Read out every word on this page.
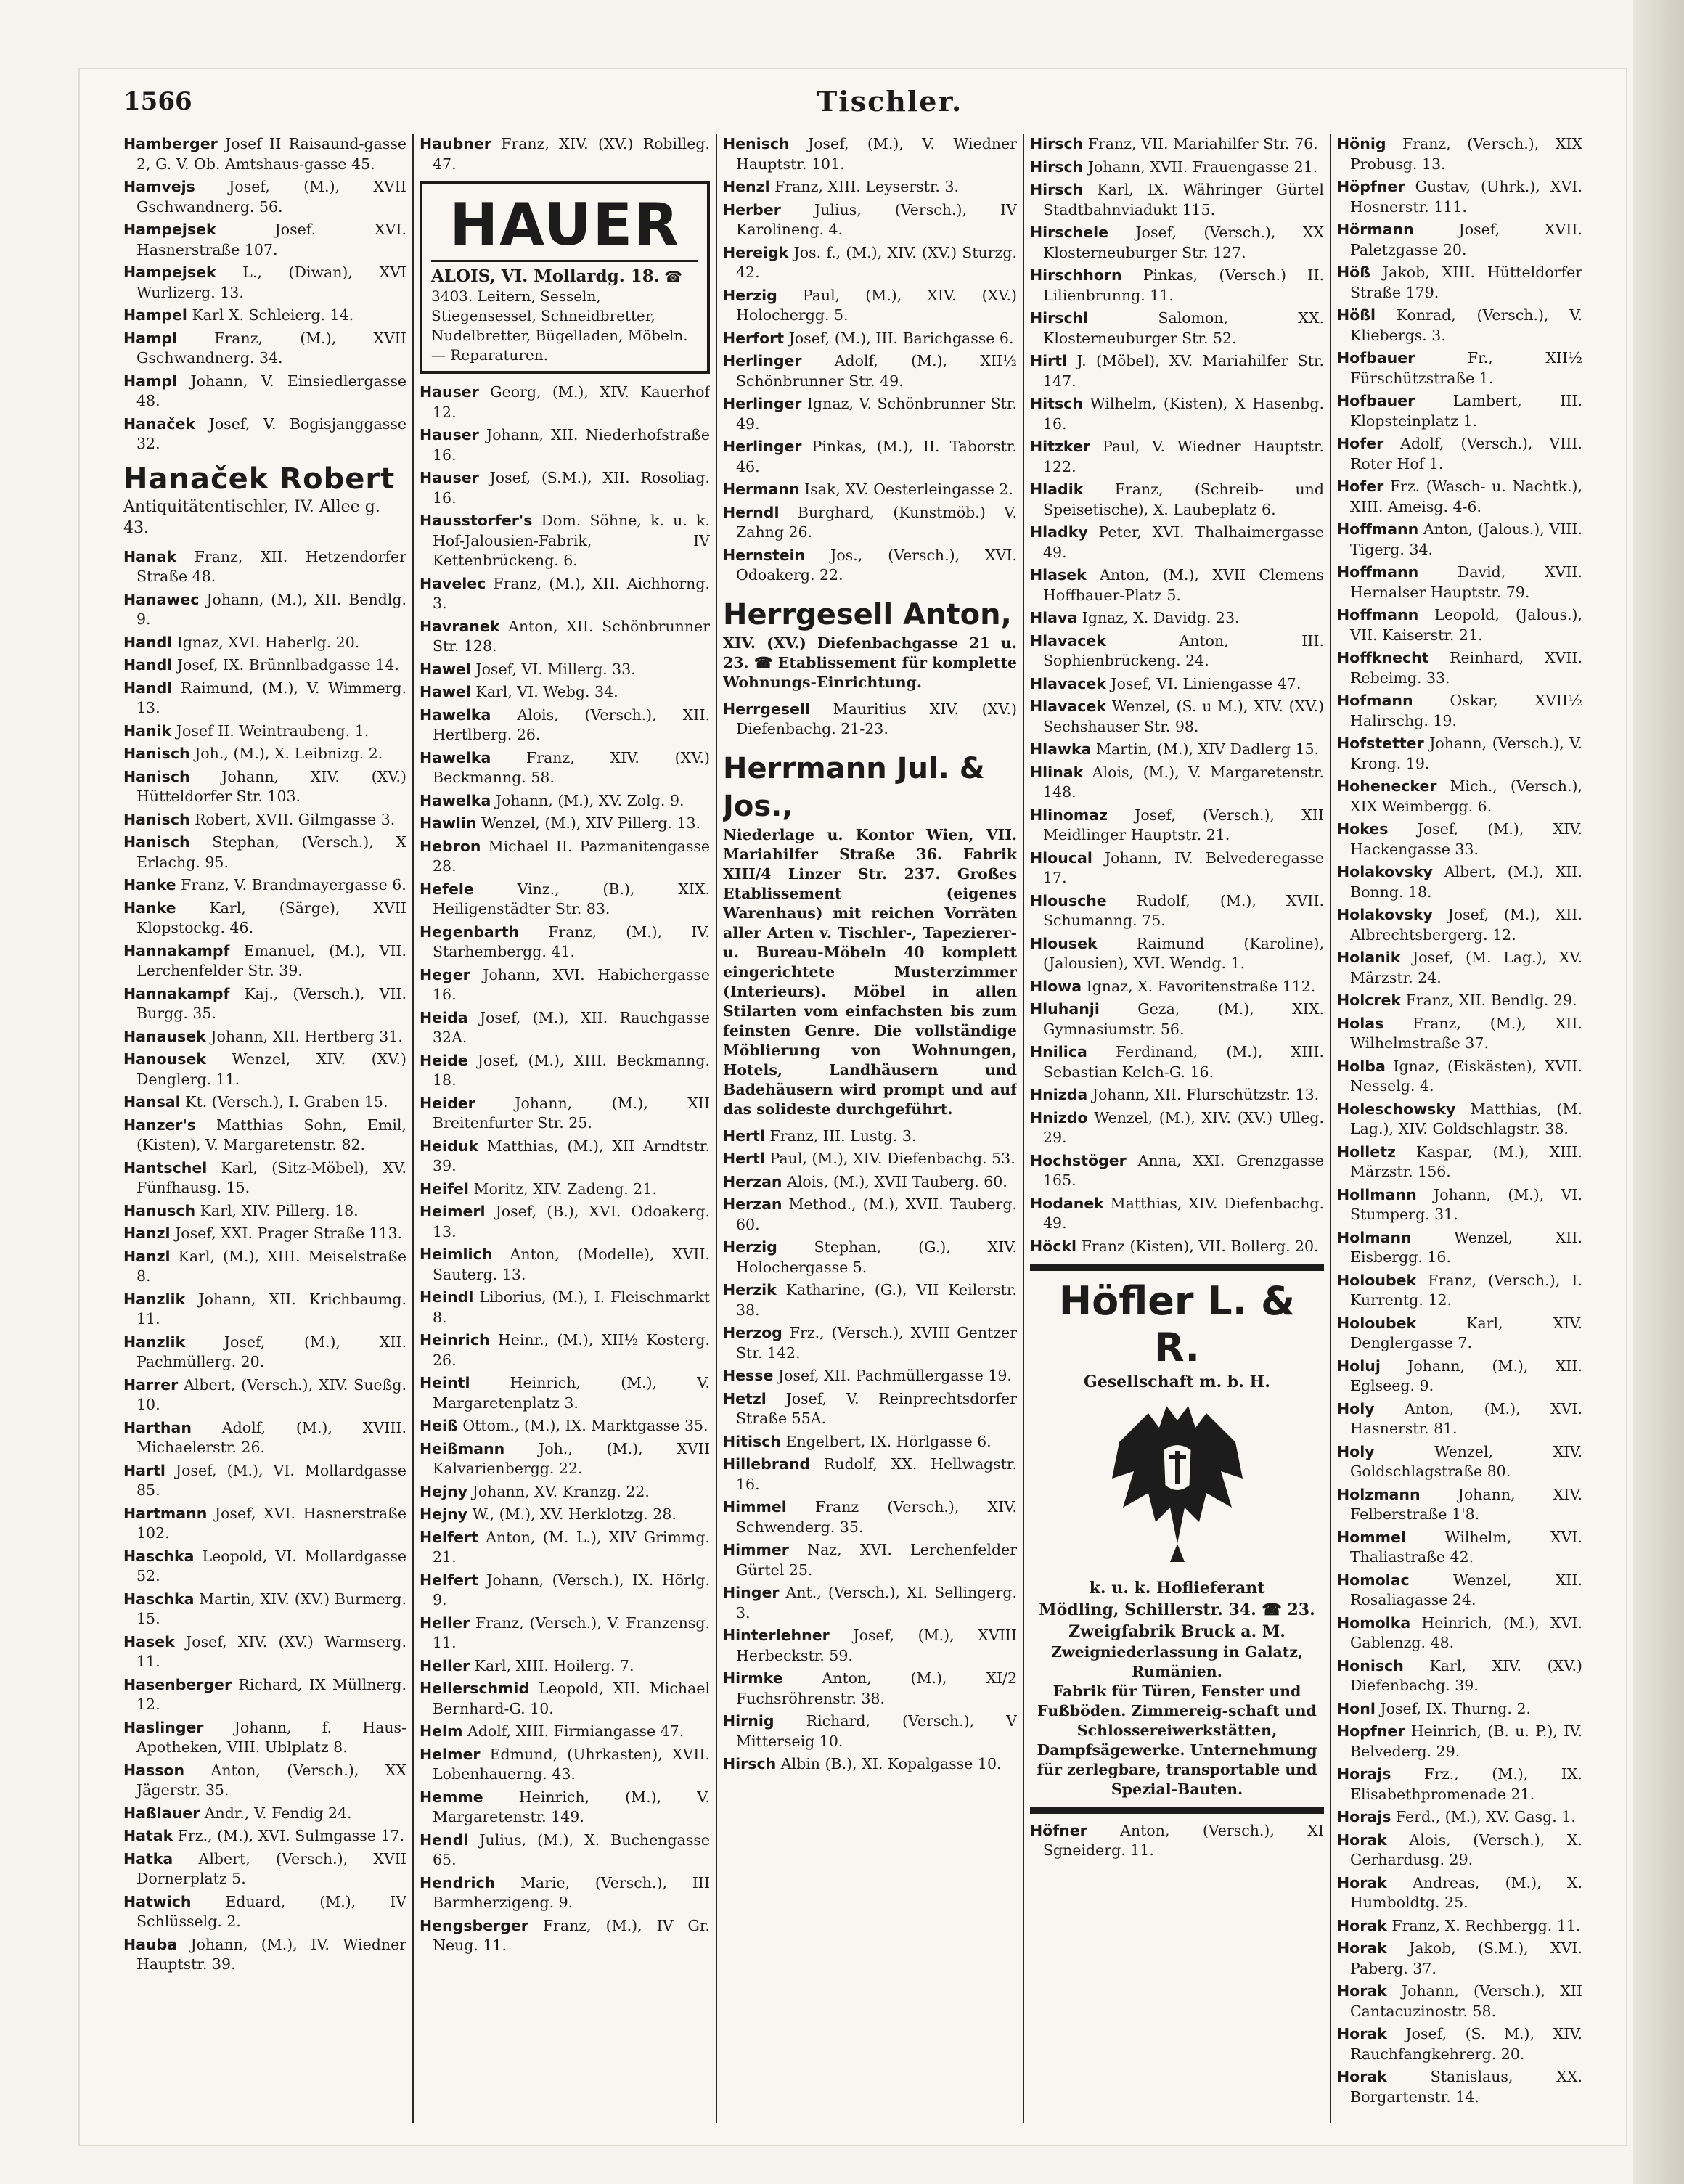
1566	Tischler.
Hamberger Josef II Raisaund-gasse 2, G. V. Ob. Amtshaus-gasse 45.
Hamvejs Josef, (M.), XVII Gschwandnerg. 56.
Hampejsek Josef. XVI. Hasnerstraße 107.
Hampejsek L., (Diwan), XVI Wurlizerg. 13.
Hampel Karl X. Schleierg. 14.
Hampl Franz, (M.), XVII Gschwandnerg. 34.
Hampl Johann, V. Einsiedlergasse 48.
Hanaček Josef, V. Bogisjanggasse 32.
Hanaček Robert
Antiquitätentischler, IV. Allee g. 43.
Hanak Franz, XII. Hetzendorfer Straße 48.
Hanawec Johann, (M.), XII. Bendlg. 9.
Handl Ignaz, XVI. Haberlg. 20.
Handl Josef, IX. Brünnlbadgasse 14.
Handl Raimund, (M.), V. Wimmerg. 13.
Hanik Josef II. Weintraubeng. 1.
Hanisch Joh., (M.), X. Leibnizg. 2.
Hanisch Johann, XIV. (XV.) Hütteldorfer Str. 103.
Hanisch Robert, XVII. Gilmgasse 3.
Hanisch Stephan, (Versch.), X Erlachg. 95.
Hanke Franz, V. Brandmayergasse 6.
Hanke Karl, (Särge), XVII Klopstockg. 46.
Hannakampf Emanuel, (M.), VII. Lerchenfelder Str. 39.
Hannakampf Kaj., (Versch.), VII. Burgg. 35.
Hanausek Johann, XII. Hertberg 31.
Hanousek Wenzel, XIV. (XV.) Denglerg. 11.
Hansal Kt. (Versch.), I. Graben 15.
Hanzer's Matthias Sohn, Emil, (Kisten), V. Margaretenstr. 82.
Hantschel Karl, (Sitz-Möbel), XV. Fünfhausg. 15.
Hanusch Karl, XIV. Pillerg. 18.
Hanzl Josef, XXI. Prager Straße 113.
Hanzl Karl, (M.), XIII. Meiselstraße 8.
Hanzlik Johann, XII. Krichbaumg. 11.
Hanzlik Josef, (M.), XII. Pachmüllerg. 20.
Harrer Albert, (Versch.), XIV. Sueßg. 10.
Harthan Adolf, (M.), XVIII. Michaelerstr. 26.
Hartl Josef, (M.), VI. Mollardgasse 85.
Hartmann Josef, XVI. Hasnerstraße 102.
Haschka Leopold, VI. Mollardgasse 52.
Haschka Martin, XIV. (XV.) Burmerg. 15.
Hasek Josef, XIV. (XV.) Warmserg. 11.
Hasenberger Richard, IX Müllnerg. 12.
Haslinger Johann, f. Haus-Apotheken, VIII. Ublplatz 8.
Hasson Anton, (Versch.), XX Jägerstr. 35.
Haßlauer Andr., V. Fendig 24.
Hatak Frz., (M.), XVI. Sulmgasse 17.
Hatka Albert, (Versch.), XVII Dornerplatz 5.
Hatwich Eduard, (M.), IV Schlüsselg. 2.
Hauba Johann, (M.), IV. Wiedner Hauptstr. 39.
Haubner Franz, XIV. (XV.) Robilleg. 47.
HAUER
ALOIS, VI. Mollardg. 18. ☎ 3403. Leitern, Sesseln, Stiegensessel, Schneidbretter, Nudelbretter, Bügelladen, Möbeln. — Reparaturen.
Hauser Georg, (M.), XIV. Kauerhof 12.
Hauser Johann, XII. Niederhofstraße 16.
Hauser Josef, (S.M.), XII. Rosoliag. 16.
Hausstorfer's Dom. Söhne, k. u. k. Hof-Jalousien-Fabrik, IV Kettenbrückeng. 6.
Havelec Franz, (M.), XII. Aichhorng. 3.
Havranek Anton, XII. Schönbrunner Str. 128.
Hawel Josef, VI. Millerg. 33.
Hawel Karl, VI. Webg. 34.
Hawelka Alois, (Versch.), XII. Hertlberg. 26.
Hawelka Franz, XIV. (XV.) Beckmanng. 58.
Hawelka Johann, (M.), XV. Zolg. 9.
Hawlin Wenzel, (M.), XIV Pillerg. 13.
Hebron Michael II. Pazmanitengasse 28.
Hefele Vinz., (B.), XIX. Heiligenstädter Str. 83.
Hegenbarth Franz, (M.), IV. Starhembergg. 41.
Heger Johann, XVI. Habichergasse 16.
Heida Josef, (M.), XII. Rauchgasse 32A.
Heide Josef, (M.), XIII. Beckmanng. 18.
Heider Johann, (M.), XII Breitenfurter Str. 25.
Heiduk Matthias, (M.), XII Arndtstr. 39.
Heifel Moritz, XIV. Zadeng. 21.
Heimerl Josef, (B.), XVI. Odoakerg. 13.
Heimlich Anton, (Modelle), XVII. Sauterg. 13.
Heindl Liborius, (M.), I. Fleischmarkt 8.
Heinrich Heinr., (M.), XII½ Kosterg. 26.
Heintl Heinrich, (M.), V. Margaretenplatz 3.
Heiß Ottom., (M.), IX. Marktgasse 35.
Heißmann Joh., (M.), XVII Kalvarienbergg. 22.
Hejny Johann, XV. Kranzg. 22.
Hejny W., (M.), XV. Herklotzg. 28.
Helfert Anton, (M. L.), XIV Grimmg. 21.
Helfert Johann, (Versch.), IX. Hörlg. 9.
Heller Franz, (Versch.), V. Franzensg. 11.
Heller Karl, XIII. Hoilerg. 7.
Hellerschmid Leopold, XII. Michael Bernhard-G. 10.
Helm Adolf, XIII. Firmiangasse 47.
Helmer Edmund, (Uhrkasten), XVII. Lobenhauerng. 43.
Hemme Heinrich, (M.), V. Margaretenstr. 149.
Hendl Julius, (M.), X. Buchengasse 65.
Hendrich Marie, (Versch.), III Barmherzigeng. 9.
Hengsberger Franz, (M.), IV Gr. Neug. 11.
Henisch Josef, (M.), V. Wiedner Hauptstr. 101.
Henzl Franz, XIII. Leyserstr. 3.
Herber Julius, (Versch.), IV Karolineng. 4.
Hereigk Jos. f., (M.), XIV. (XV.) Sturzg. 42.
Herzig Paul, (M.), XIV. (XV.) Holochergg. 5.
Herfort Josef, (M.), III. Barichgasse 6.
Herlinger Adolf, (M.), XII½ Schönbrunner Str. 49.
Herlinger Ignaz, V. Schönbrunner Str. 49.
Herlinger Pinkas, (M.), II. Taborstr. 46.
Hermann Isak, XV. Oesterleingasse 2.
Herndl Burghard, (Kunstmöb.) V. Zahng 26.
Hernstein Jos., (Versch.), XVI. Odoakerg. 22.
Herrgesell Anton,
XIV. (XV.) Diefenbachgasse 21 u. 23. ☎ Etablissement für komplette Wohnungs-Einrichtung.
Herrgesell Mauritius XIV. (XV.) Diefenbachg. 21-23.
Herrmann Jul. & Jos.,
Niederlage u. Kontor Wien, VII. Mariahilfer Straße 36. Fabrik XIII/4 Linzer Str. 237. Großes Etablissement (eigenes Warenhaus) mit reichen Vorräten aller Arten v. Tischler-, Tapezierer- u. Bureau-Möbeln 40 komplett eingerichtete Musterzimmer (Interieurs). Möbel in allen Stilarten vom einfachsten bis zum feinsten Genre. Die vollständige Möblierung von Wohnungen, Hotels, Landhäusern und Badehäusern wird prompt und auf das solideste durchgeführt.
Hertl Franz, III. Lustg. 3.
Hertl Paul, (M.), XIV. Diefenbachg. 53.
Herzan Alois, (M.), XVII Tauberg. 60.
Herzan Method., (M.), XVII. Tauberg. 60.
Herzig Stephan, (G.), XIV. Holochergasse 5.
Herzik Katharine, (G.), VII Keilerstr. 38.
Herzog Frz., (Versch.), XVIII Gentzer Str. 142.
Hesse Josef, XII. Pachmüllergasse 19.
Hetzl Josef, V. Reinprechtsdorfer Straße 55A.
Hitisch Engelbert, IX. Hörlgasse 6.
Hillebrand Rudolf, XX. Hellwagstr. 16.
Himmel Franz (Versch.), XIV. Schwenderg. 35.
Himmer Naz, XVI. Lerchenfelder Gürtel 25.
Hinger Ant., (Versch.), XI. Sellingerg. 3.
Hinterlehner Josef, (M.), XVIII Herbeckstr. 59.
Hirmke Anton, (M.), XI/2 Fuchsröhrenstr. 38.
Hirnig Richard, (Versch.), V Mitterseig 10.
Hirsch Albin (B.), XI. Kopalgasse 10.
Hirsch Franz, VII. Mariahilfer Str. 76.
Hirsch Johann, XVII. Frauengasse 21.
Hirsch Karl, IX. Währinger Gürtel Stadtbahnviadukt 115.
Hirschele Josef, (Versch.), XX Klosterneuburger Str. 127.
Hirschhorn Pinkas, (Versch.) II. Lilienbrunng. 11.
Hirschl Salomon, XX. Klosterneuburger Str. 52.
Hirtl J. (Möbel), XV. Mariahilfer Str. 147.
Hitsch Wilhelm, (Kisten), X Hasenbg. 16.
Hitzker Paul, V. Wiedner Hauptstr. 122.
Hladik Franz, (Schreib- und Speisetische), X. Laubeplatz 6.
Hladky Peter, XVI. Thalhaimergasse 49.
Hlasek Anton, (M.), XVII Clemens Hoffbauer-Platz 5.
Hlava Ignaz, X. Davidg. 23.
Hlavacek Anton, III. Sophienbrückeng. 24.
Hlavacek Josef, VI. Liniengasse 47.
Hlavacek Wenzel, (S. u M.), XIV. (XV.) Sechshauser Str. 98.
Hlawka Martin, (M.), XIV Dadlerg 15.
Hlinak Alois, (M.), V. Margaretenstr. 148.
Hlinomaz Josef, (Versch.), XII Meidlinger Hauptstr. 21.
Hloucal Johann, IV. Belvederegasse 17.
Hlousche Rudolf, (M.), XVII. Schumanng. 75.
Hlousek Raimund (Karoline), (Jalousien), XVI. Wendg. 1.
Hlowa Ignaz, X. Favoritenstraße 112.
Hluhanji Geza, (M.), XIX. Gymnasiumstr. 56.
Hnilica Ferdinand, (M.), XIII. Sebastian Kelch-G. 16.
Hnizda Johann, XII. Flurschützstr. 13.
Hnizdo Wenzel, (M.), XIV. (XV.) Ulleg. 29.
Hochstöger Anna, XXI. Grenzgasse 165.
Hodanek Matthias, XIV. Diefenbachg. 49.
Höckl Franz (Kisten), VII. Bollerg. 20.
Höfler L. & R.
Gesellschaft m. b. H.
k. u. k. Hoflieferant
Mödling, Schillerstr. 34. ☎ 23. Zweigfabrik Bruck a. M.
Zweigniederlassung in Galatz, Rumänien.
Fabrik für Türen, Fenster und Fußböden. Zimmereig-schaft und Schlossereiwerkstätten, Dampfsägewerke. Unternehmung für zerlegbare, transportable und Spezial-Bauten.
Höfner Anton, (Versch.), XI Sgneiderg. 11.
Hönig Franz, (Versch.), XIX Probusg. 13.
Höpfner Gustav, (Uhrk.), XVI. Hosnerstr. 111.
Hörmann Josef, XVII. Paletzgasse 20.
Höß Jakob, XIII. Hütteldorfer Straße 179.
Hößl Konrad, (Versch.), V. Kliebergs. 3.
Hofbauer Fr., XII½ Fürschützstraße 1.
Hofbauer Lambert, III. Klopsteinplatz 1.
Hofer Adolf, (Versch.), VIII. Roter Hof 1.
Hofer Frz. (Wasch- u. Nachtk.), XIII. Ameisg. 4-6.
Hoffmann Anton, (Jalous.), VIII. Tigerg. 34.
Hoffmann David, XVII. Hernalser Hauptstr. 79.
Hoffmann Leopold, (Jalous.), VII. Kaiserstr. 21.
Hoffknecht Reinhard, XVII. Rebeimg. 33.
Hofmann Oskar, XVII½ Halirschg. 19.
Hofstetter Johann, (Versch.), V. Krong. 19.
Hohenecker Mich., (Versch.), XIX Weimbergg. 6.
Hokes Josef, (M.), XIV. Hackengasse 33.
Holakovsky Albert, (M.), XII. Bonng. 18.
Holakovsky Josef, (M.), XII. Albrechtsbergerg. 12.
Holanik Josef, (M. Lag.), XV. Märzstr. 24.
Holcrek Franz, XII. Bendlg. 29.
Holas Franz, (M.), XII. Wilhelmstraße 37.
Holba Ignaz, (Eiskästen), XVII. Nesselg. 4.
Holeschowsky Matthias, (M. Lag.), XIV. Goldschlagstr. 38.
Holletz Kaspar, (M.), XIII. Märzstr. 156.
Hollmann Johann, (M.), VI. Stumperg. 31.
Holmann Wenzel, XII. Eisbergg. 16.
Holoubek Franz, (Versch.), I. Kurrentg. 12.
Holoubek Karl, XIV. Denglergasse 7.
Holuj Johann, (M.), XII. Eglseeg. 9.
Holy Anton, (M.), XVI. Hasnerstr. 81.
Holy Wenzel, XIV. Goldschlagstraße 80.
Holzmann Johann, XIV. Felberstraße 1'8.
Hommel Wilhelm, XVI. Thaliastraße 42.
Homolac Wenzel, XII. Rosaliagasse 24.
Homolka Heinrich, (M.), XVI. Gablenzg. 48.
Honisch Karl, XIV. (XV.) Diefenbachg. 39.
Honl Josef, IX. Thurng. 2.
Hopfner Heinrich, (B. u. P.), IV. Belvederg. 29.
Horajs Frz., (M.), IX. Elisabethpromenade 21.
Horajs Ferd., (M.), XV. Gasg. 1.
Horak Alois, (Versch.), X. Gerhardusg. 29.
Horak Andreas, (M.), X. Humboldtg. 25.
Horak Franz, X. Rechbergg. 11.
Horak Jakob, (S.M.), XVI. Paberg. 37.
Horak Johann, (Versch.), XII Cantacuzinostr. 58.
Horak Josef, (S. M.), XIV. Rauchfangkehrerg. 20.
Horak Stanislaus, XX. Borgartenstr. 14.
